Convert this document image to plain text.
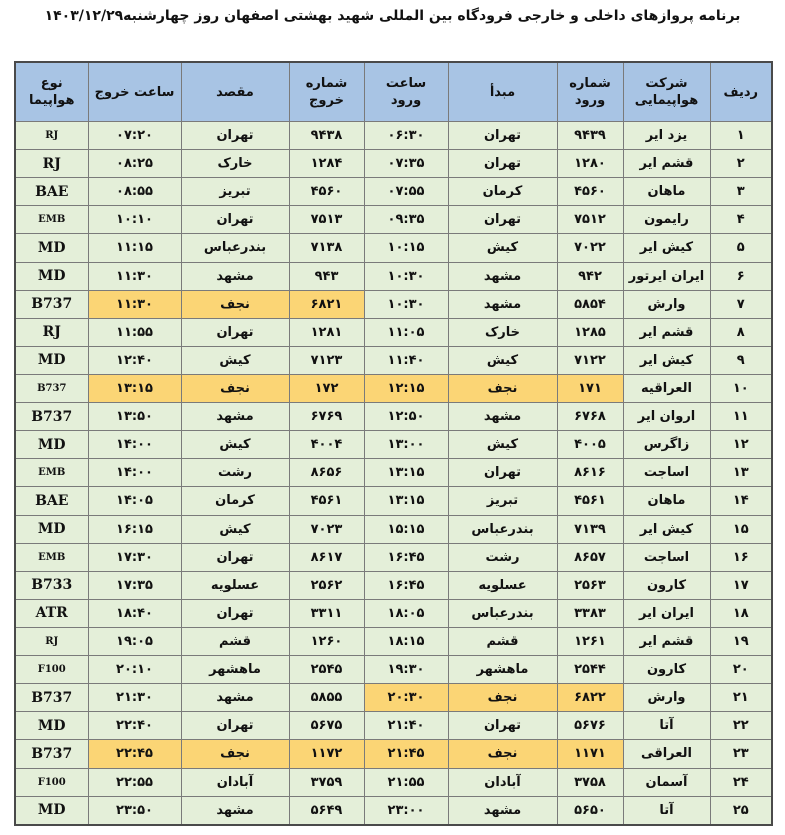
برنامه پروازهای داخلی و خارجی فرودگاه بین المللی شهید بهشتی اصفهان روز چهارشنبه۱۴۰۳/۱۲/۲۹
ردیف	شرکت هواپیمایی	شماره ورود	مبدأ	ساعت ورود	شماره خروج	مقصد	ساعت خروج	نوع هواپیما
۱	یزد ایر	۹۴۳۹	تهران	۰۶:۳۰	۹۴۳۸	تهران	۰۷:۲۰	RJ
۲	قشم ایر	۱۲۸۰	تهران	۰۷:۳۵	۱۲۸۴	خارک	۰۸:۲۵	RJ
۳	ماهان	۴۵۶۰	کرمان	۰۷:۵۵	۴۵۶۰	تبریز	۰۸:۵۵	BAE
۴	رایمون	۷۵۱۲	تهران	۰۹:۳۵	۷۵۱۳	تهران	۱۰:۱۰	EMB
۵	کیش ایر	۷۰۲۲	کیش	۱۰:۱۵	۷۱۳۸	بندرعباس	۱۱:۱۵	MD
۶	ایران ایرتور	۹۴۲	مشهد	۱۰:۳۰	۹۴۳	مشهد	۱۱:۳۰	MD
۷	وارش	۵۸۵۴	مشهد	۱۰:۳۰	۶۸۲۱	نجف	۱۱:۳۰	B737
۸	قشم ایر	۱۲۸۵	خارک	۱۱:۰۵	۱۲۸۱	تهران	۱۱:۵۵	RJ
۹	کیش ایر	۷۱۲۲	کیش	۱۱:۴۰	۷۱۲۳	کیش	۱۲:۴۰	MD
۱۰	العراقیه	۱۷۱	نجف	۱۲:۱۵	۱۷۲	نجف	۱۳:۱۵	B737
۱۱	اروان ایر	۶۷۶۸	مشهد	۱۲:۵۰	۶۷۶۹	مشهد	۱۳:۵۰	B737
۱۲	زاگرس	۴۰۰۵	کیش	۱۳:۰۰	۴۰۰۴	کیش	۱۴:۰۰	MD
۱۳	اساجت	۸۶۱۶	تهران	۱۳:۱۵	۸۶۵۶	رشت	۱۴:۰۰	EMB
۱۴	ماهان	۴۵۶۱	تبریز	۱۳:۱۵	۴۵۶۱	کرمان	۱۴:۰۵	BAE
۱۵	کیش ایر	۷۱۳۹	بندرعباس	۱۵:۱۵	۷۰۲۳	کیش	۱۶:۱۵	MD
۱۶	اساجت	۸۶۵۷	رشت	۱۶:۴۵	۸۶۱۷	تهران	۱۷:۳۰	EMB
۱۷	کارون	۲۵۶۳	عسلویه	۱۶:۴۵	۲۵۶۲	عسلویه	۱۷:۳۵	B733
۱۸	ایران ایر	۳۳۸۳	بندرعباس	۱۸:۰۵	۳۳۱۱	تهران	۱۸:۴۰	ATR
۱۹	قشم ایر	۱۲۶۱	قشم	۱۸:۱۵	۱۲۶۰	قشم	۱۹:۰۵	RJ
۲۰	کارون	۲۵۴۴	ماهشهر	۱۹:۳۰	۲۵۴۵	ماهشهر	۲۰:۱۰	F100
۲۱	وارش	۶۸۲۲	نجف	۲۰:۳۰	۵۸۵۵	مشهد	۲۱:۳۰	B737
۲۲	آتا	۵۶۷۶	تهران	۲۱:۴۰	۵۶۷۵	تهران	۲۲:۴۰	MD
۲۳	العراقی	۱۱۷۱	نجف	۲۱:۴۵	۱۱۷۲	نجف	۲۲:۴۵	B737
۲۴	آسمان	۳۷۵۸	آبادان	۲۱:۵۵	۳۷۵۹	آبادان	۲۲:۵۵	F100
۲۵	آتا	۵۶۵۰	مشهد	۲۳:۰۰	۵۶۴۹	مشهد	۲۳:۵۰	MD
